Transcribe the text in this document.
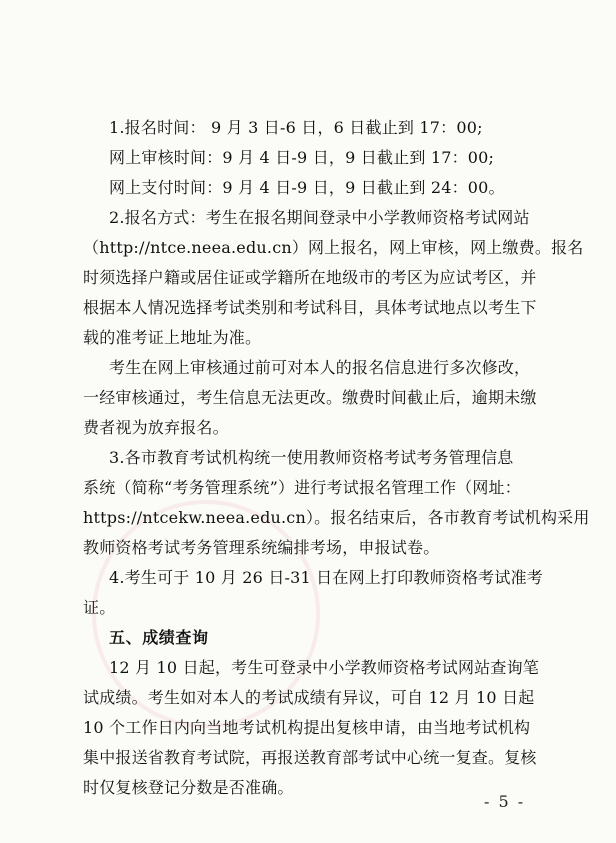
1.报名时间： 9 月 3 日-6 日，6 日截止到 17：00;
网上审核时间：9 月 4 日-9 日，9 日截止到 17：00;
网上支付时间：9 月 4 日-9 日，9 日截止到 24：00。
2.报名方式：考生在报名期间登录中小学教师资格考试网站
（http://ntce.neea.edu.cn）网上报名，网上审核，网上缴费。报名
时须选择户籍或居住证或学籍所在地级市的考区为应试考区，并
根据本人情况选择考试类别和考试科目，具体考试地点以考生下
载的准考证上地址为准。
考生在网上审核通过前可对本人的报名信息进行多次修改，
一经审核通过，考生信息无法更改。缴费时间截止后，逾期未缴
费者视为放弃报名。
3.各市教育考试机构统一使用教师资格考试考务管理信息
系统（简称“考务管理系统”）进行考试报名管理工作（网址：
https://ntcekw.neea.edu.cn）。报名结束后，各市教育考试机构采用
教师资格考试考务管理系统编排考场，申报试卷。
4.考生可于 10 月 26 日-31 日在网上打印教师资格考试准考
证。
五、成绩查询
12 月 10 日起，考生可登录中小学教师资格考试网站查询笔
试成绩。考生如对本人的考试成绩有异议，可自 12 月 10 日起
10 个工作日内向当地考试机构提出复核申请，由当地考试机构
集中报送省教育考试院，再报送教育部考试中心统一复查。复核
时仅复核登记分数是否准确。
- 5 -
